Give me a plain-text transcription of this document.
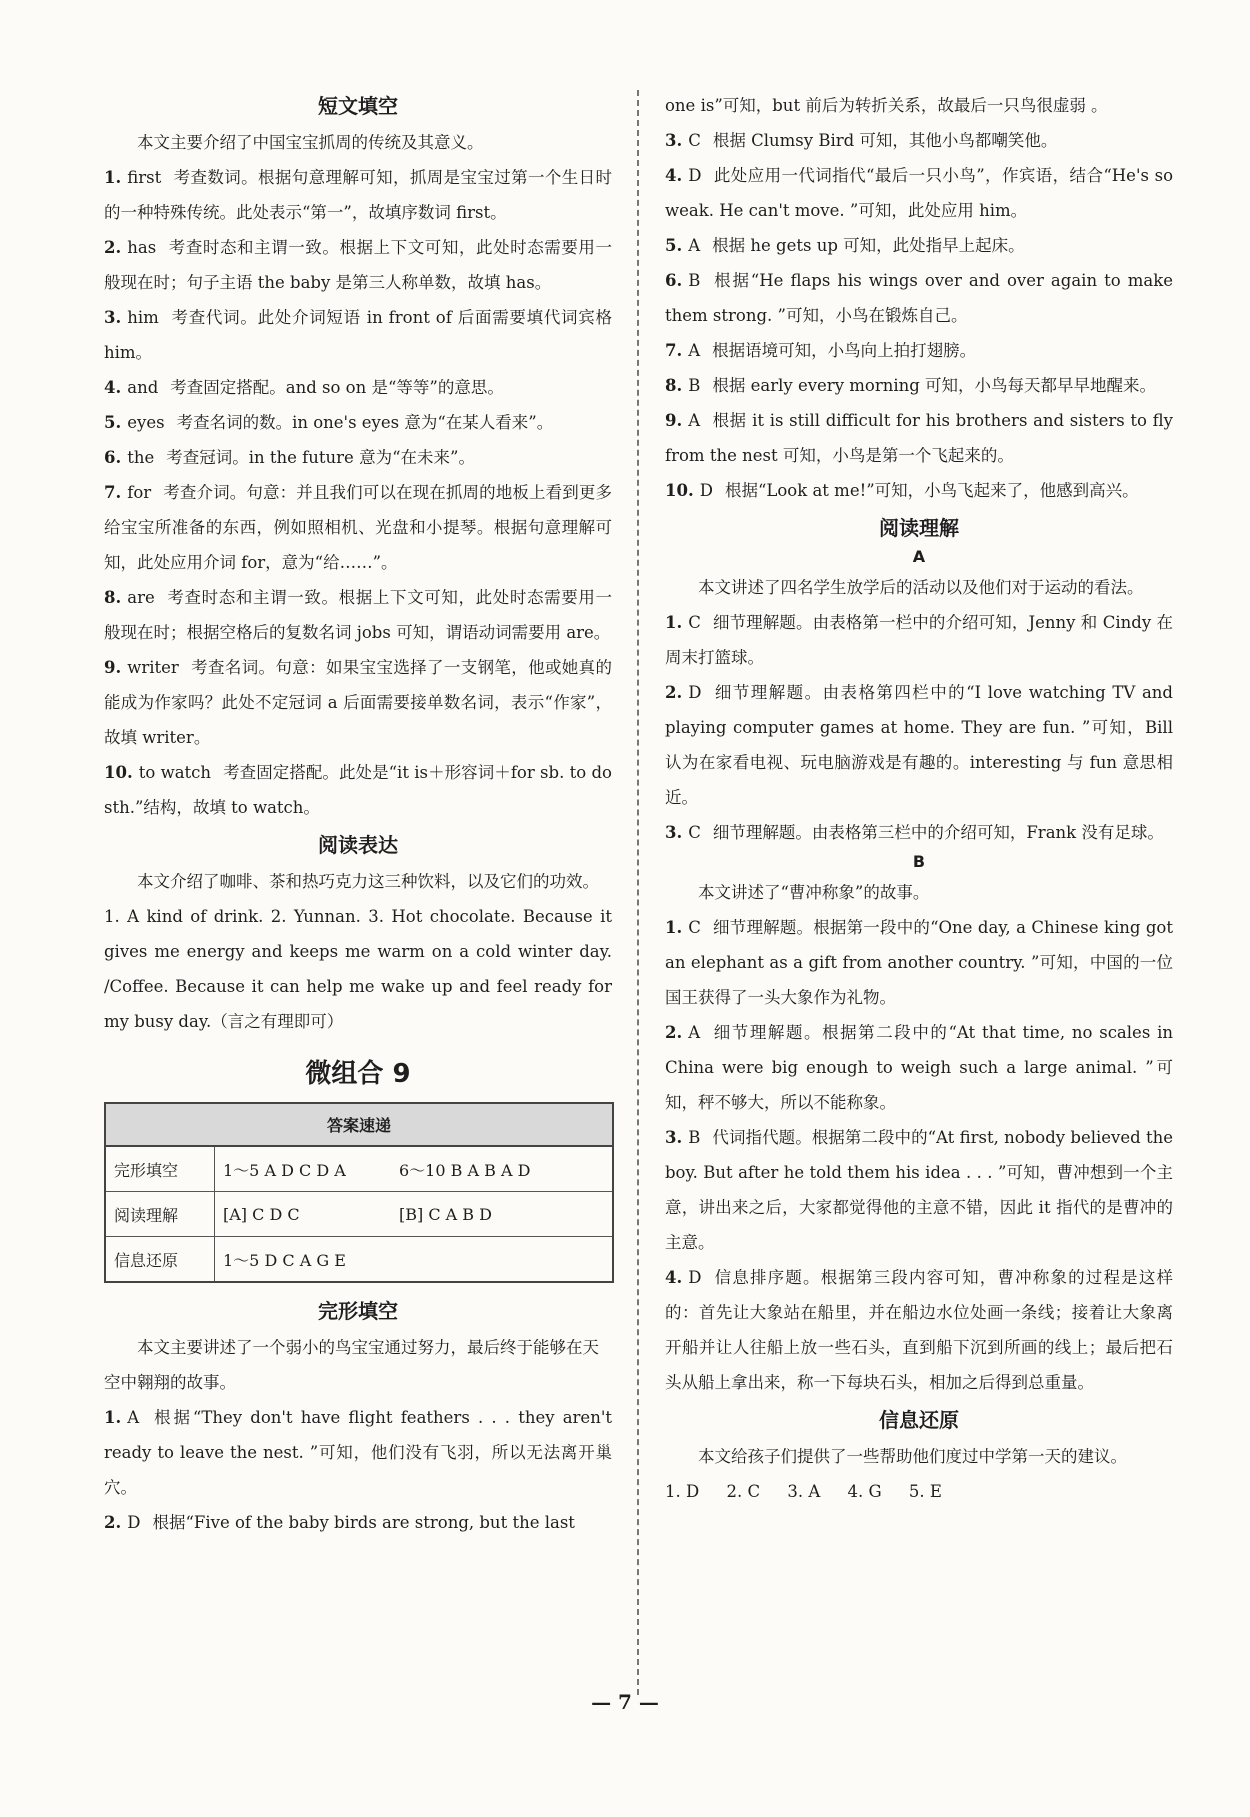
短文填空

本文主要介绍了中国宝宝抓周的传统及其意义。

1. first 考查数词。根据句意理解可知，抓周是宝宝过第一个生日时的一种特殊传统。此处表示“第一”，故填序数词 first。

2. has 考查时态和主谓一致。根据上下文可知，此处时态需要用一般现在时；句子主语 the baby 是第三人称单数，故填 has。

3. him 考查代词。此处介词短语 in front of 后面需要填代词宾格 him。

4. and 考查固定搭配。and so on 是“等等”的意思。

5. eyes 考查名词的数。in one's eyes 意为“在某人看来”。

6. the 考查冠词。in the future 意为“在未来”。

7. for 考查介词。句意：并且我们可以在现在抓周的地板上看到更多给宝宝所准备的东西，例如照相机、光盘和小提琴。根据句意理解可知，此处应用介词 for，意为“给……”。

8. are 考查时态和主谓一致。根据上下文可知，此处时态需要用一般现在时；根据空格后的复数名词 jobs 可知，谓语动词需要用 are。

9. writer 考查名词。句意：如果宝宝选择了一支钢笔，他或她真的能成为作家吗？此处不定冠词 a 后面需要接单数名词，表示“作家”，故填 writer。

10. to watch 考查固定搭配。此处是“it is＋形容词＋for sb. to do sth.”结构，故填 to watch。

阅读表达

本文介绍了咖啡、茶和热巧克力这三种饮料，以及它们的功效。

1. A kind of drink. 2. Yunnan. 3. Hot chocolate. Because it gives me energy and keeps me warm on a cold winter day. /Coffee. Because it can help me wake up and feel ready for my busy day.（言之有理即可）

微组合 9
答案速递		
完形填空	1～5 A D C D A	6～10 B A B A D
阅读理解	[A] C D C	[B] C A B D
信息还原	1～5 D C A G E	
完形填空

本文主要讲述了一个弱小的鸟宝宝通过努力，最后终于能够在天空中翱翔的故事。

1. A 根据“They don't have flight feathers . . . they aren't ready to leave the nest. ”可知，他们没有飞羽，所以无法离开巢穴。

2. D 根据“Five of the baby birds are strong, but the last

one is”可知，but 前后为转折关系，故最后一只鸟很虚弱 。

3. C 根据 Clumsy Bird 可知，其他小鸟都嘲笑他。

4. D 此处应用一代词指代“最后一只小鸟”，作宾语，结合“He's so weak. He can't move. ”可知，此处应用 him。

5. A 根据 he gets up 可知，此处指早上起床。

6. B 根据“He flaps his wings over and over again to make them strong. ”可知，小鸟在锻炼自己。

7. A 根据语境可知，小鸟向上拍打翅膀。

8. B 根据 early every morning 可知，小鸟每天都早早地醒来。

9. A 根据 it is still difficult for his brothers and sisters to fly from the nest 可知，小鸟是第一个飞起来的。

10. D 根据“Look at me!”可知，小鸟飞起来了，他感到高兴。

阅读理解
A

本文讲述了四名学生放学后的活动以及他们对于运动的看法。

1. C 细节理解题。由表格第一栏中的介绍可知，Jenny 和 Cindy 在周末打篮球。

2. D 细节理解题。由表格第四栏中的“I love watching TV and playing computer games at home. They are fun. ”可知，Bill 认为在家看电视、玩电脑游戏是有趣的。interesting 与 fun 意思相近。

3. C 细节理解题。由表格第三栏中的介绍可知，Frank 没有足球。

B

本文讲述了“曹冲称象”的故事。

1. C 细节理解题。根据第一段中的“One day, a Chinese king got an elephant as a gift from another country. ”可知，中国的一位国王获得了一头大象作为礼物。

2. A 细节理解题。根据第二段中的“At that time, no scales in China were big enough to weigh such a large animal. ”可知，秤不够大，所以不能称象。

3. B 代词指代题。根据第二段中的“At first, nobody believed the boy. But after he told them his idea . . . ”可知，曹冲想到一个主意，讲出来之后，大家都觉得他的主意不错，因此 it 指代的是曹冲的主意。

4. D 信息排序题。根据第三段内容可知，曹冲称象的过程是这样的：首先让大象站在船里，并在船边水位处画一条线；接着让大象离开船并让人往船上放一些石头，直到船下沉到所画的线上；最后把石头从船上拿出来，称一下每块石头，相加之后得到总重量。

信息还原

本文给孩子们提供了一些帮助他们度过中学第一天的建议。

1. D 2. C 3. A 4. G 5. E
— 7 —
